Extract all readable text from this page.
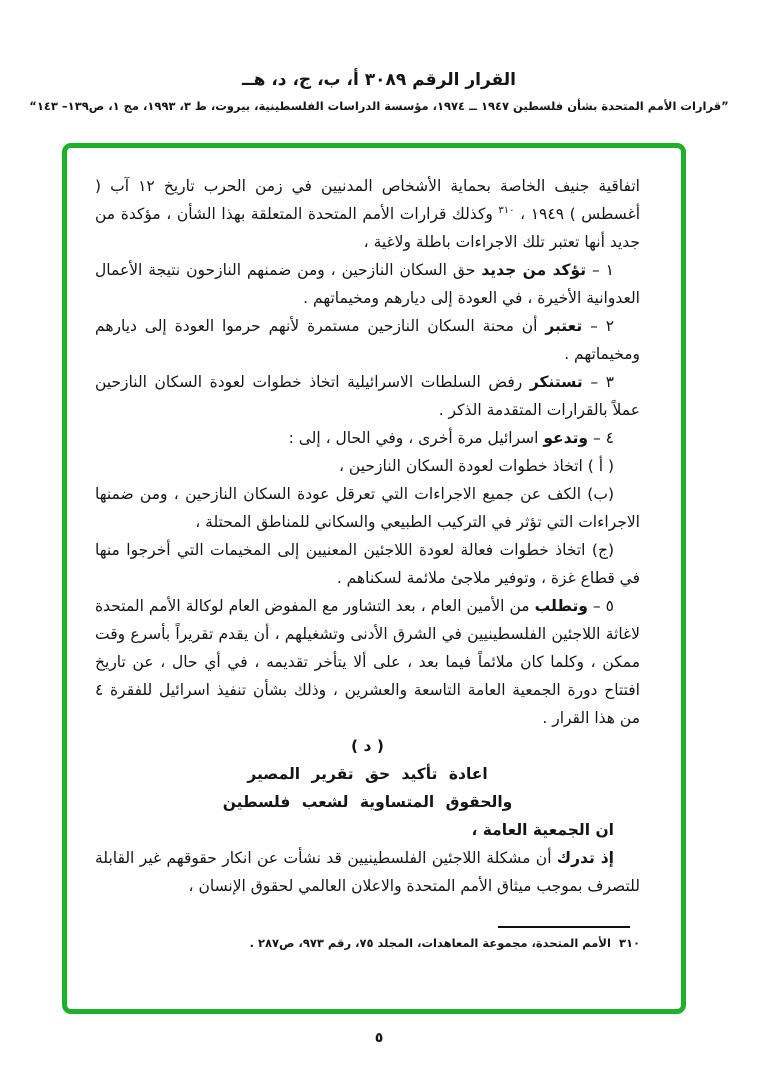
القرار الرقم ٣٠٨٩ أ، ب، ج، د، هــ
”قرارات الأمم المتحدة بشأن فلسطين ١٩٤٧ ــ ١٩٧٤، مؤسسة الدراسات الفلسطينية، بيروت، ط ٣، ١٩٩٣، مج ١، ص١٣٩– ١٤٣“
اتفاقية جنيف الخاصة بحماية الأشخاص المدنيين في زمن الحرب تاريخ ١٢ آب ( أغسطس ) ١٩٤٩ ، $^{٣١٠}$ وكذلك قرارات الأمم المتحدة المتعلقة بهذا الشأن ، مؤكدة من جديد أنها تعتبر تلك الاجراءات باطلة ولاغية ،
١ – تؤكد من جديد حق السكان النازحين ، ومن ضمنهم النازحون نتيجة الأعمال العدوانية الأخيرة ، في العودة إلى ديارهم ومخيماتهم .
٢ – تعتبر أن محنة السكان النازحين مستمرة لأنهم حرموا العودة إلى ديارهم ومخيماتهم .
٣ – تستنكر رفض السلطات الاسرائيلية اتخاذ خطوات لعودة السكان النازحين عملاً بالقرارات المتقدمة الذكر .
٤ – وتدعو اسرائيل مرة أخرى ، وفي الحال ، إلى :
( أ ) اتخاذ خطوات لعودة السكان النازحين ،
(ب) الكف عن جميع الاجراءات التي تعرقل عودة السكان النازحين ، ومن ضمنها الاجراءات التي تؤثر في التركيب الطبيعي والسكاني للمناطق المحتلة ،
(ج) اتخاذ خطوات فعالة لعودة اللاجئين المعنيين إلى المخيمات التي أخرجوا منها في قطاع غزة ، وتوفير ملاجئ ملائمة لسكناهم .
٥ – وتطلب من الأمين العام ، بعد التشاور مع المفوض العام لوكالة الأمم المتحدة لاغاثة اللاجئين الفلسطينيين في الشرق الأدنى وتشغيلهم ، أن يقدم تقريراً بأسرع وقت ممكن ، وكلما كان ملائماً فيما بعد ، على ألا يتأخر تقديمه ، في أي حال ، عن تاريخ افتتاح دورة الجمعية العامة التاسعة والعشرين ، وذلك بشأن تنفيذ اسرائيل للفقرة ٤ من هذا القرار .
( د )
اعادة تأكيد حق تقرير المصير
والحقوق المتساوية لشعب فلسطين
ان الجمعية العامة ،
إذ تدرك أن مشكلة اللاجئين الفلسطينيين قد نشأت عن انكار حقوقهم غير القابلة للتصرف بموجب ميثاق الأمم المتحدة والاعلان العالمي لحقوق الإنسان ،
٣١٠الأمم المتحدة، مجموعة المعاهدات، المجلد ٧٥، رقم ٩٧٣، ص٢٨٧ .
٥
